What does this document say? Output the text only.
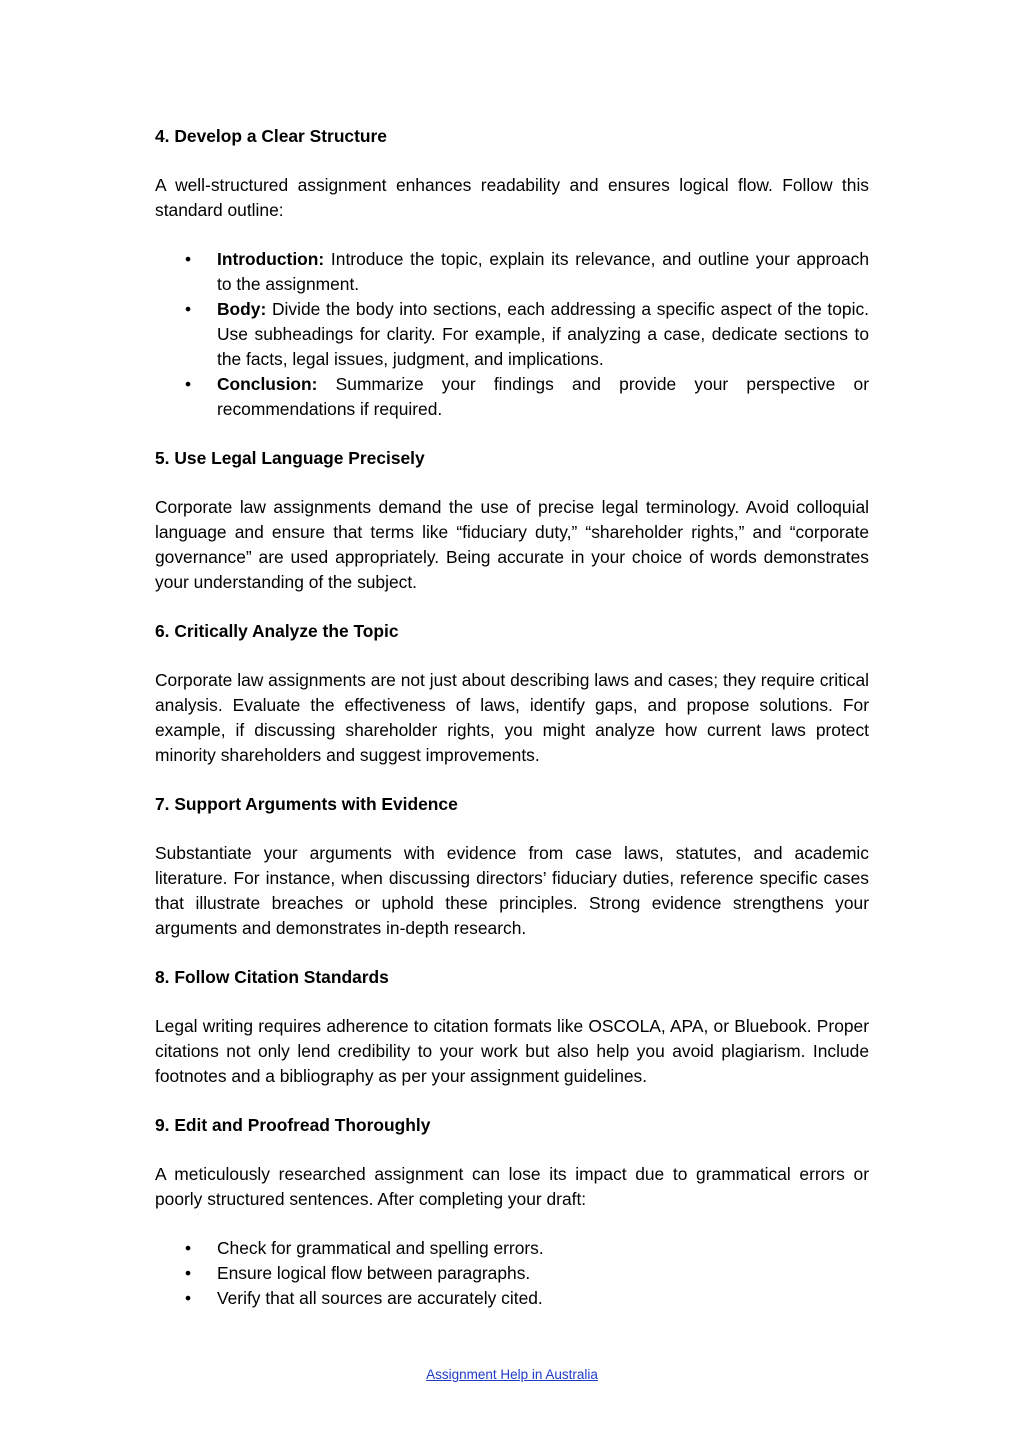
4. Develop a Clear Structure

A well-structured assignment enhances readability and ensures logical flow. Follow this standard outline:

• Introduction: Introduce the topic, explain its relevance, and outline your approach to the assignment.
• Body: Divide the body into sections, each addressing a specific aspect of the topic. Use subheadings for clarity. For example, if analyzing a case, dedicate sections to the facts, legal issues, judgment, and implications.
• Conclusion: Summarize your findings and provide your perspective or recommendations if required.
5. Use Legal Language Precisely

Corporate law assignments demand the use of precise legal terminology. Avoid colloquial language and ensure that terms like “fiduciary duty,” “shareholder rights,” and “corporate governance” are used appropriately. Being accurate in your choice of words demonstrates your understanding of the subject.

6. Critically Analyze the Topic

Corporate law assignments are not just about describing laws and cases; they require critical analysis. Evaluate the effectiveness of laws, identify gaps, and propose solutions. For example, if discussing shareholder rights, you might analyze how current laws protect minority shareholders and suggest improvements.

7. Support Arguments with Evidence

Substantiate your arguments with evidence from case laws, statutes, and academic literature. For instance, when discussing directors’ fiduciary duties, reference specific cases that illustrate breaches or uphold these principles. Strong evidence strengthens your arguments and demonstrates in-depth research.

8. Follow Citation Standards

Legal writing requires adherence to citation formats like OSCOLA, APA, or Bluebook. Proper citations not only lend credibility to your work but also help you avoid plagiarism. Include footnotes and a bibliography as per your assignment guidelines.

9. Edit and Proofread Thoroughly

A meticulously researched assignment can lose its impact due to grammatical errors or poorly structured sentences. After completing your draft:

• Check for grammatical and spelling errors.
• Ensure logical flow between paragraphs.
• Verify that all sources are accurately cited.
Assignment Help in Australia
